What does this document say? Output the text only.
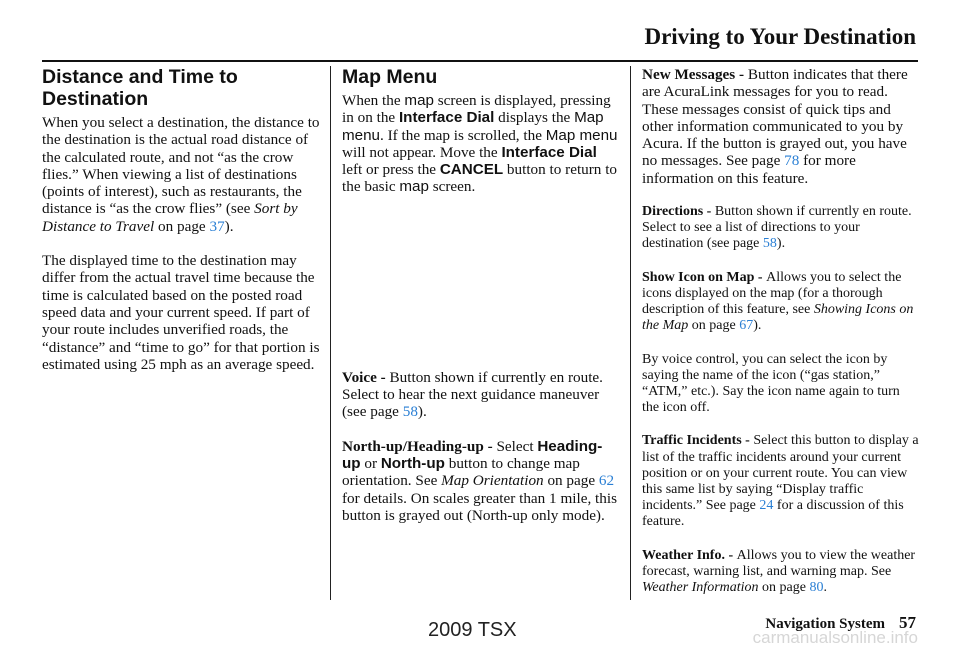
Driving to Your Destination
Distance and Time to Destination

When you select a destination, the distance to the destination is the actual road distance of the calculated route, and not “as the crow flies.” When viewing a list of destinations (points of interest), such as restaurants, the distance is “as the crow flies” (see Sort by Distance to Travel on page 37).

The displayed time to the destination may differ from the actual travel time because the time is calculated based on the posted road speed data and your current speed. If part of your route includes unverified roads, the “distance” and “time to go” for that portion is estimated using 25 mph as an average speed.

Map Menu

When the map screen is displayed, pressing in on the Interface Dial displays the Map menu. If the map is scrolled, the Map menu will not appear. Move the Interface Dial left or press the CANCEL button to return to the basic map screen.

Voice - Button shown if currently en route. Select to hear the next guidance maneuver (see page 58).

North-up/Heading-up - Select Heading-up or North-up button to change map orientation. See Map Orientation on page 62 for details. On scales greater than 1 mile, this button is grayed out (North-up only mode).

New Messages - Button indicates that there are AcuraLink messages for you to read. These messages consist of quick tips and other information communicated to you by Acura. If the button is grayed out, you have no messages. See page 78 for more information on this feature.

Directions - Button shown if currently en route. Select to see a list of directions to your destination (see page 58).

Show Icon on Map - Allows you to select the icons displayed on the map (for a thorough description of this feature, see Showing Icons on the Map on page 67).

By voice control, you can select the icon by saying the name of the icon (“gas station,” “ATM,” etc.). Say the icon name again to turn the icon off.

Traffic Incidents - Select this button to display a list of the traffic incidents around your current position or on your current route. You can view this same list by saying “Display traffic incidents.” See page 24 for a discussion of this feature.

Weather Info. - Allows you to view the weather forecast, warning list, and warning map. See Weather Information on page 80.

Navigation System 57
2009 TSX	carmanualsonline.info
